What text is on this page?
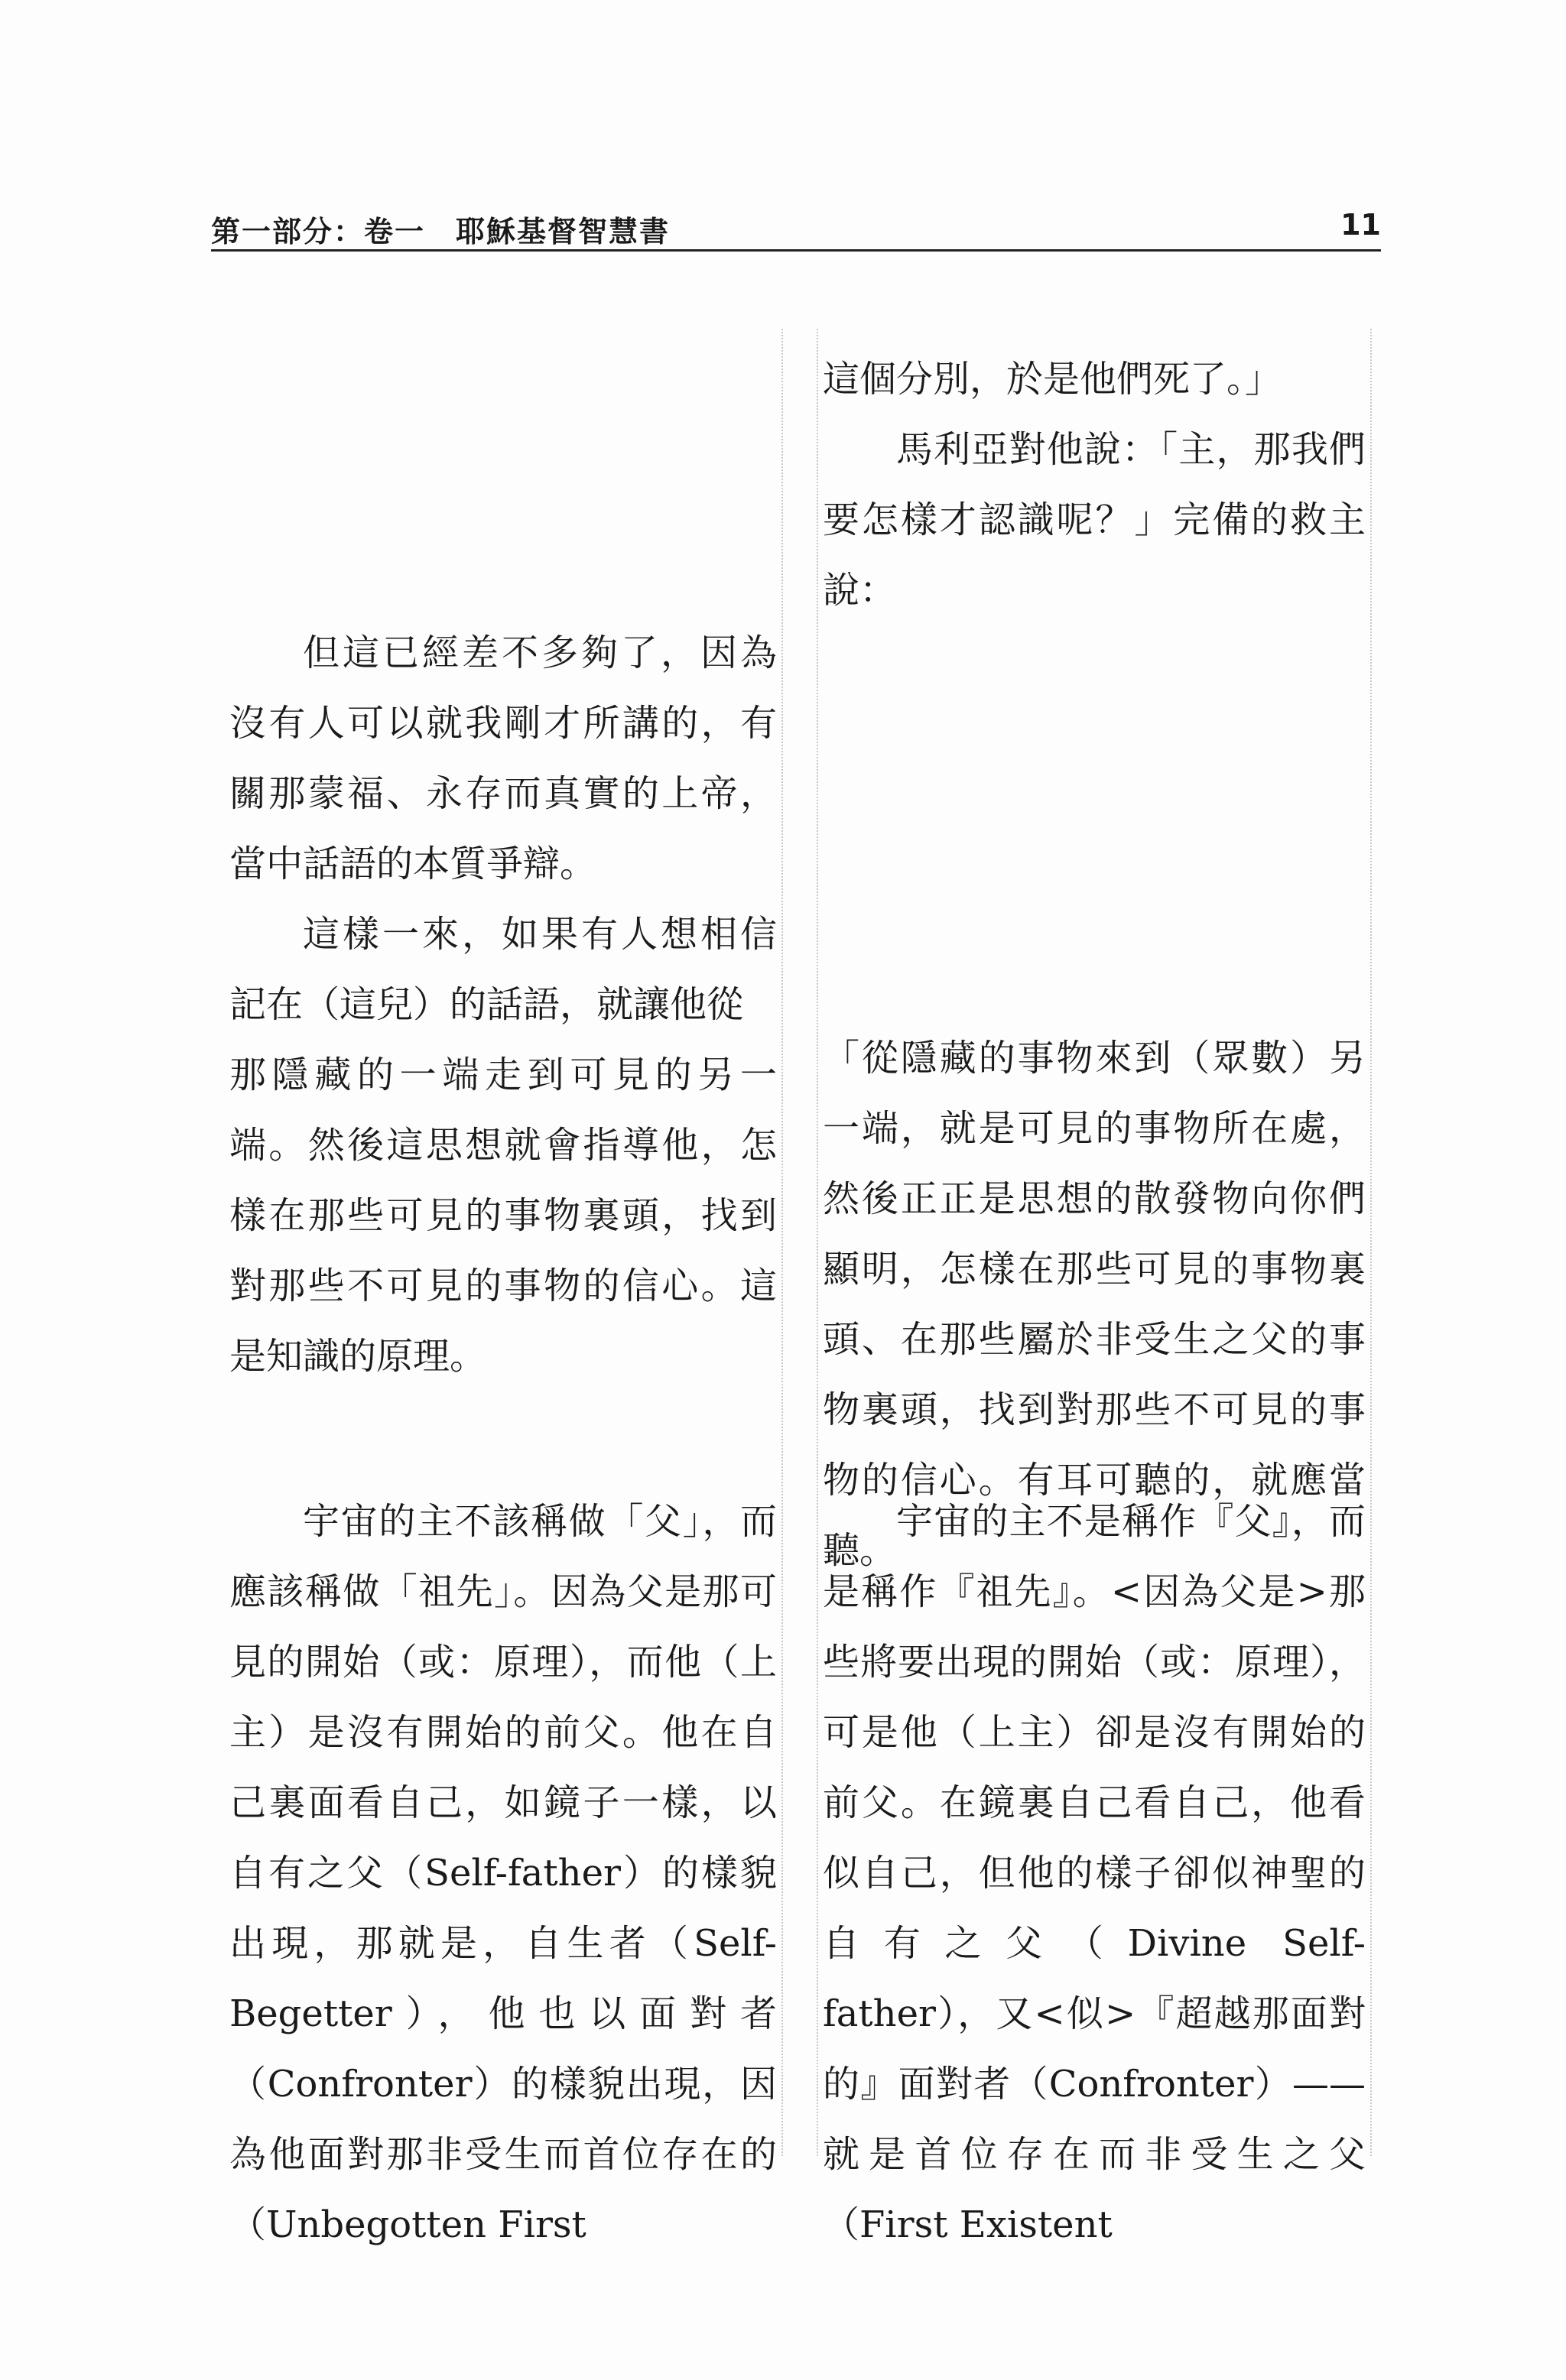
第一部分：卷一　耶穌基督智慧書	11

但這已經差不多夠了，因為沒有人可以就我剛才所講的，有關那蒙福、永存而真實的上帝，當中話語的本質爭辯。

這樣一來，如果有人想相信記在（這兒）的話語，就讓他從

那隱藏的一端走到可見的另一端。然後這思想就會指導他，怎樣在那些可見的事物裏頭，找到對那些不可見的事物的信心。這是知識的原理。

宇宙的主不該稱做「父」，而應該稱做「祖先」。因為父是那可見的開始（或：原理），而他（上主）是沒有開始的前父。他在自己裏面看自己，如鏡子一樣，以自有之父（Self-father）的樣貌出現，那就是，自生者（Self-Begetter），他也以面對者（Confronter）的樣貌出現，因為他面對那非受生而首位存在的（Unbegotten First

這個分別，於是他們死了。」

馬利亞對他說：「主，那我們要怎樣才認識呢？」完備的救主說：

「從隱藏的事物來到（眾數）另一端，就是可見的事物所在處，然後正正是思想的散發物向你們顯明，怎樣在那些可見的事物裏頭、在那些屬於非受生之父的事物裏頭，找到對那些不可見的事物的信心。有耳可聽的，就應當聽。

宇宙的主不是稱作『父』，而是稱作『祖先』。<因為父是>那些將要出現的開始（或：原理），可是他（上主）卻是沒有開始的前父。在鏡裏自己看自己，他看似自己，但他的樣子卻似神聖的自有之父（Divine Self-father），又<似>『超越那面對的』面對者（Confronter）——就是首位存在而非受生之父（First Existent
